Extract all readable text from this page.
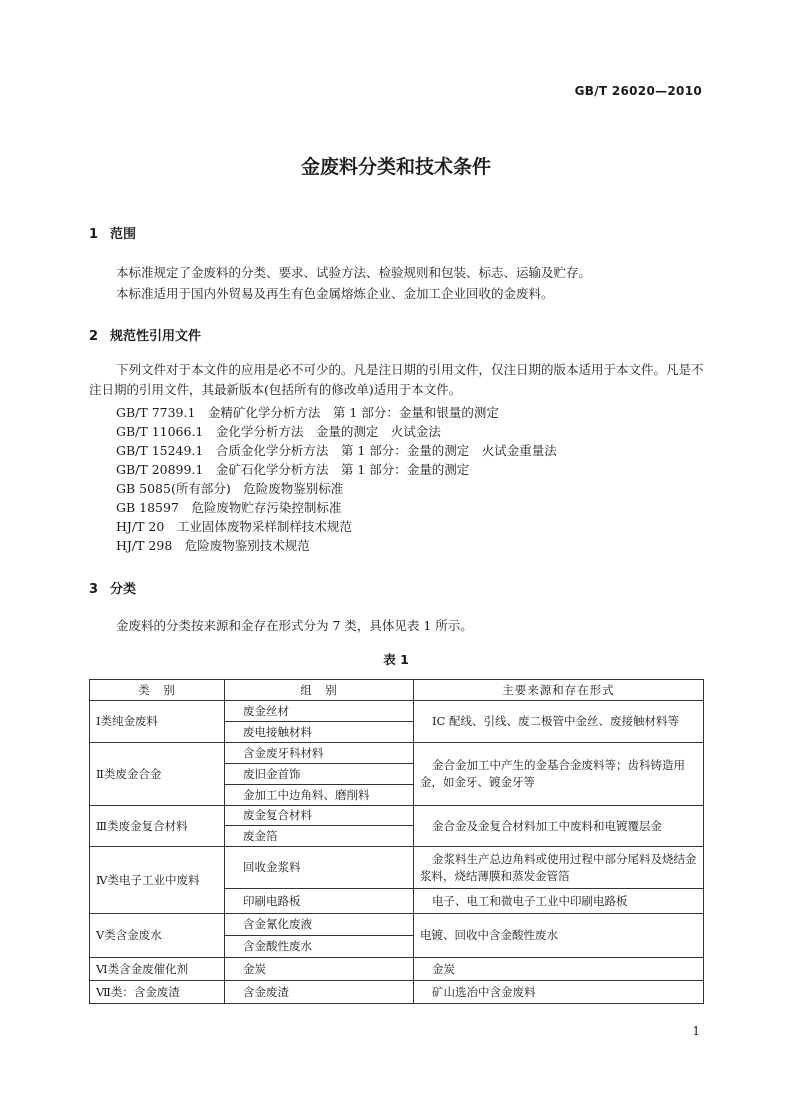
GB/T 26020—2010
金废料分类和技术条件
1 范围
本标准规定了金废料的分类、要求、试验方法、检验规则和包装、标志、运输及贮存。
本标准适用于国内外贸易及再生有色金属熔炼企业、金加工企业回收的金废料。
2 规范性引用文件
下列文件对于本文件的应用是必不可少的。凡是注日期的引用文件，仅注日期的版本适用于本文件。凡是不注日期的引用文件，其最新版本(包括所有的修改单)适用于本文件。
GB/T 7739.1　金精矿化学分析方法　第 1 部分：金量和银量的测定
GB/T 11066.1　金化学分析方法　金量的测定　火试金法
GB/T 15249.1　合质金化学分析方法　第 1 部分：金量的测定　火试金重量法
GB/T 20899.1　金矿石化学分析方法　第 1 部分：金量的测定
GB 5085(所有部分)　危险废物鉴别标准
GB 18597　危险废物贮存污染控制标准
HJ/T 20　工业固体废物采样制样技术规范
HJ/T 298　危险废物鉴别技术规范
3 分类
金废料的分类按来源和金存在形式分为 7 类，具体见表 1 所示。
表 1
类　别	组　别	主要来源和存在形式
Ⅰ类纯金废料	废金丝材	IC 配线、引线、废二极管中金丝、废接触材料等
	废电接触材料	
Ⅱ类废金合金	含金废牙科材料	金合金加工中产生的金基合金废料等；齿科铸造用金，如金牙、镀金牙等
	废旧金首饰	
	金加工中边角料、磨削料	
Ⅲ类废金复合材料	废金复合材料	金合金及金复合材料加工中废料和电镀覆层金
	废金箔	
Ⅳ类电子工业中废料	回收金浆料	金浆料生产总边角料或使用过程中部分尾料及烧结金浆料，烧结薄膜和蒸发金管箔
	印刷电路板	电子、电工和微电子工业中印刷电路板
Ⅴ类含金废水	含金氰化废液	电镀、回收中含金酸性废水
	含金酸性废水	
Ⅵ类含金废催化剂	金炭	金炭
Ⅶ类：含金废渣	含金废渣	矿山选冶中含金废料
1
